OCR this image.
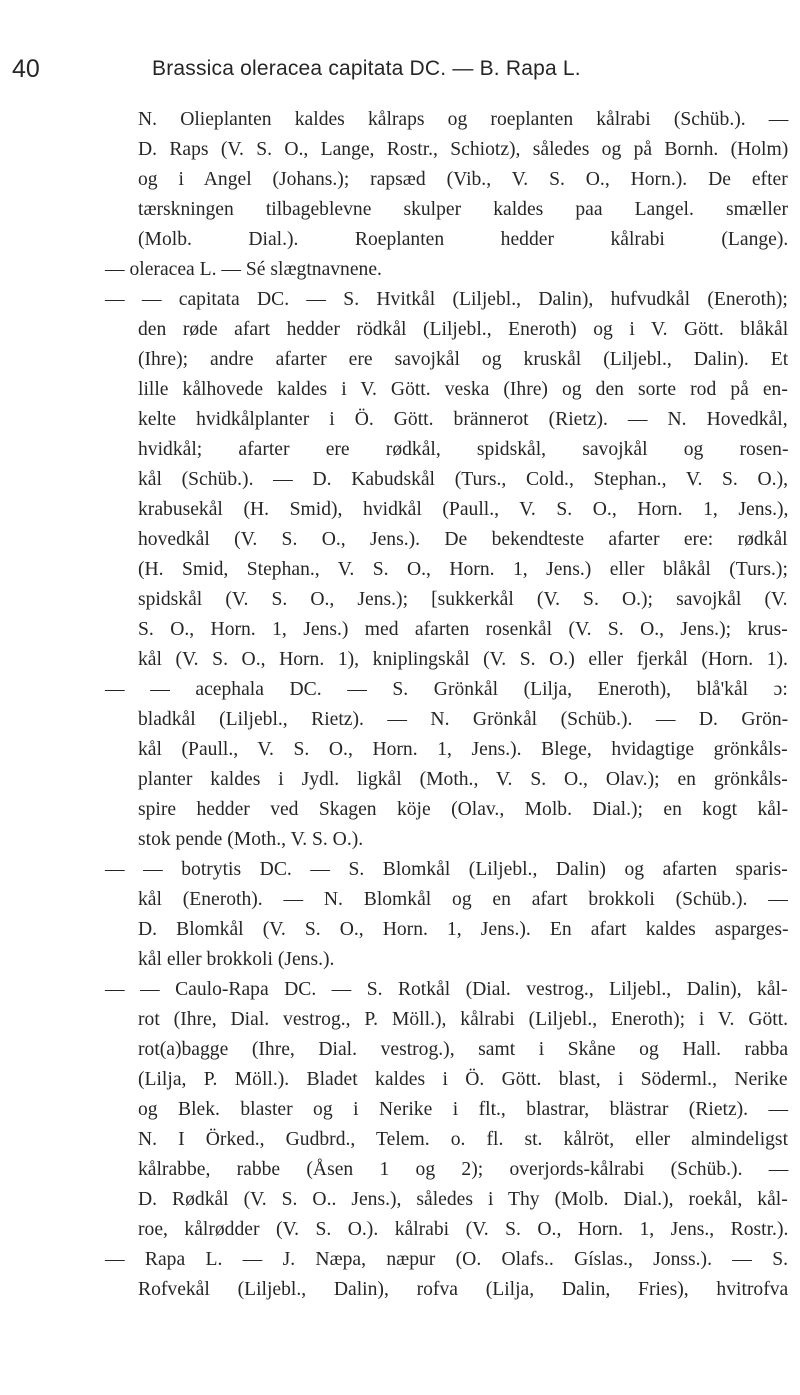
40	Brassica oleracea capitata DC. — B. Rapa L.
N. Olieplanten kaldes kålraps og roeplanten kålrabi (Schüb.). —
D. Raps (V. S. O., Lange, Rostr., Schiotz), således og på Bornh. (Holm)
og i Angel (Johans.); rapsæd (Vib., V. S. O., Horn.). De efter
tærskningen tilbageblevne skulper kaldes paa Langel. smæller
(Molb. Dial.). Roeplanten hedder kålrabi (Lange).
— oleracea L. — Sé slægtnavnene.
— — capitata DC. — S. Hvitkål (Liljebl., Dalin), hufvudkål (Eneroth);
den røde afart hedder rödkål (Liljebl., Eneroth) og i V. Gött. blåkål
(Ihre); andre afarter ere savojkål og kruskål (Liljebl., Dalin). Et
lille kålhovede kaldes i V. Gött. veska (Ihre) og den sorte rod på en-
kelte hvidkålplanter i Ö. Gött. brännerot (Rietz). — N. Hovedkål,
hvidkål; afarter ere rødkål, spidskål, savojkål og rosen-
kål (Schüb.). — D. Kabudskål (Turs., Cold., Stephan., V. S. O.),
krabusekål (H. Smid), hvidkål (Paull., V. S. O., Horn. 1, Jens.),
hovedkål (V. S. O., Jens.). De bekendteste afarter ere: rødkål
(H. Smid, Stephan., V. S. O., Horn. 1, Jens.) eller blåkål (Turs.);
spidskål (V. S. O., Jens.); [sukkerkål (V. S. O.); savojkål (V.
S. O., Horn. 1, Jens.) med afarten rosenkål (V. S. O., Jens.); krus-
kål (V. S. O., Horn. 1), kniplingskål (V. S. O.) eller fjerkål (Horn. 1).
— — acephala DC. — S. Grönkål (Lilja, Eneroth), blå'kål ɔ:
bladkål (Liljebl., Rietz). — N. Grönkål (Schüb.). — D. Grön-
kål (Paull., V. S. O., Horn. 1, Jens.). Blege, hvidagtige grönkåls-
planter kaldes i Jydl. ligkål (Moth., V. S. O., Olav.); en grönkåls-
spire hedder ved Skagen köje (Olav., Molb. Dial.); en kogt kål-
stok pende (Moth., V. S. O.).
— — botrytis DC. — S. Blomkål (Liljebl., Dalin) og afarten sparis-
kål (Eneroth). — N. Blomkål og en afart brokkoli (Schüb.). —
D. Blomkål (V. S. O., Horn. 1, Jens.). En afart kaldes asparges-
kål eller brokkoli (Jens.).
— — Caulo-Rapa DC. — S. Rotkål (Dial. vestrog., Liljebl., Dalin), kål-
rot (Ihre, Dial. vestrog., P. Möll.), kålrabi (Liljebl., Eneroth); i V. Gött.
rot(a)bagge (Ihre, Dial. vestrog.), samt i Skåne og Hall. rabba
(Lilja, P. Möll.). Bladet kaldes i Ö. Gött. blast, i Söderml., Nerike
og Blek. blaster og i Nerike i flt., blastrar, blästrar (Rietz). —
N. I Örked., Gudbrd., Telem. o. fl. st. kålröt, eller almindeligst
kålrabbe, rabbe (Åsen 1 og 2); overjords-kålrabi (Schüb.). —
D. Rødkål (V. S. O.. Jens.), således i Thy (Molb. Dial.), roekål, kål-
roe, kålrødder (V. S. O.). kålrabi (V. S. O., Horn. 1, Jens., Rostr.).
— Rapa L. — J. Næpa, næpur (O. Olafs.. Gíslas., Jonss.). — S.
Rofvekål (Liljebl., Dalin), rofva (Lilja, Dalin, Fries), hvitrofva
